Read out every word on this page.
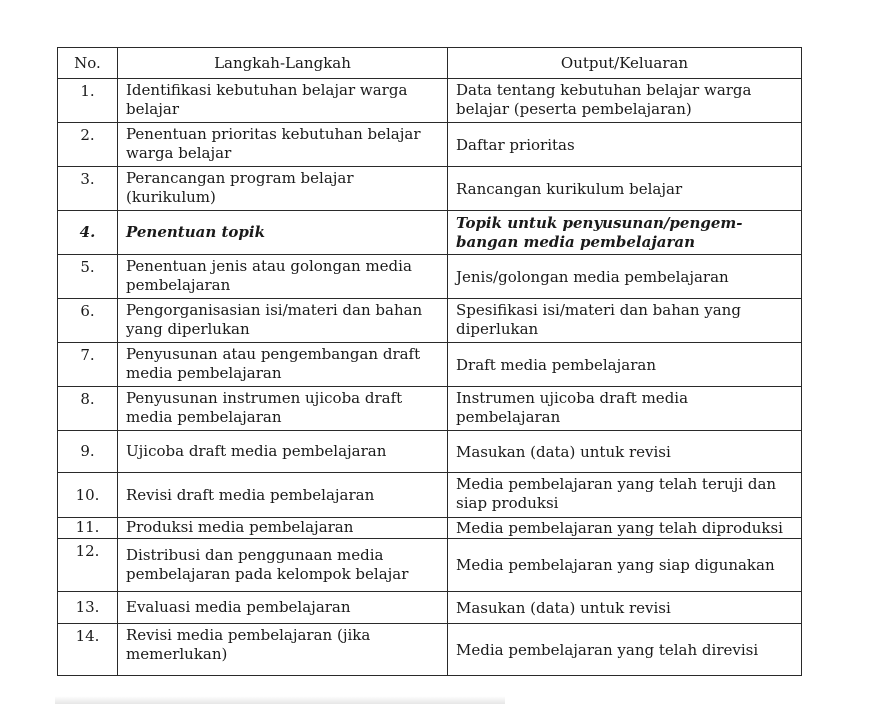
No.	Langkah-Langkah	Output/Keluaran
1.	Identifikasi kebutuhan belajar warga belajar	Data tentang kebutuhan belajar warga belajar (peserta pembelajaran)
2.	Penentuan prioritas kebutuhan belajar warga belajar	Daftar prioritas
3.	Perancangan program belajar (kurikulum)	Rancangan kurikulum belajar
4.	Penentuan topik	Topik untuk penyusunan/pengem-bangan media pembelajaran
5.	Penentuan jenis atau golongan media pembelajaran	Jenis/golongan media pembelajaran
6.	Pengorganisasian isi/materi dan bahan yang diperlukan	Spesifikasi isi/materi dan bahan yang diperlukan
7.	Penyusunan atau pengembangan draft media pembelajaran	Draft media pembelajaran
8.	Penyusunan instrumen ujicoba draft media pembelajaran	Instrumen ujicoba draft media pembelajaran
9.	Ujicoba draft media pembelajaran	Masukan (data) untuk revisi
10.	Revisi draft media pembelajaran	Media pembelajaran yang telah teruji dan siap produksi
11.	Produksi media pembelajaran	Media pembelajaran yang telah diproduksi
12.	Distribusi dan penggunaan media pembelajaran pada kelompok belajar	Media pembelajaran yang siap digunakan
13.	Evaluasi media pembelajaran	Masukan (data) untuk revisi
14.	Revisi media pembelajaran (jika memerlukan)	Media pembelajaran yang telah direvisi
